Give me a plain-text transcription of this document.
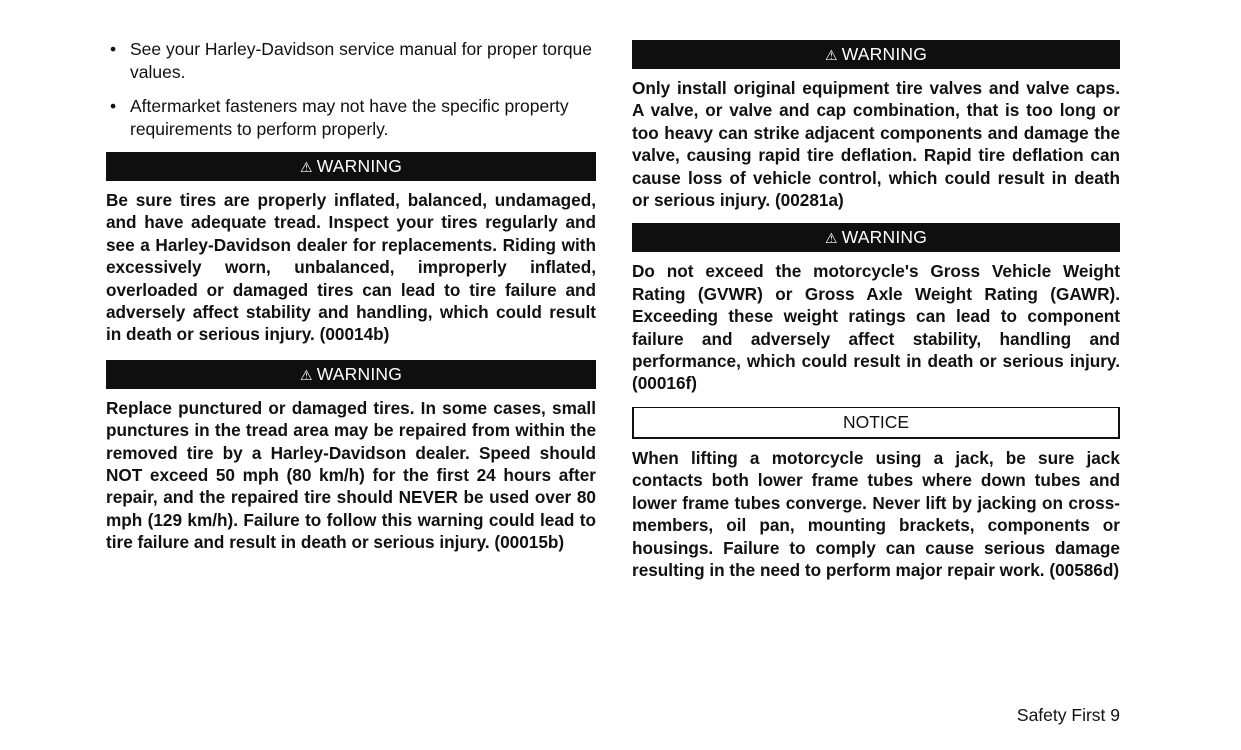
• See your Harley-Davidson service manual for proper torque values.
• Aftermarket fasteners may not have the specific property requirements to perform properly.
⚠ WARNING

Be sure tires are properly inflated, balanced, undamaged, and have adequate tread. Inspect your tires regularly and see a Harley-Davidson dealer for replacements. Riding with excessively worn, unbalanced, improperly inflated, overloaded or damaged tires can lead to tire failure and adversely affect stability and handling, which could result in death or serious injury. (00014b)

⚠ WARNING

Replace punctured or damaged tires. In some cases, small punctures in the tread area may be repaired from within the removed tire by a Harley-Davidson dealer. Speed should NOT exceed 50 mph (80 km/h) for the first 24 hours after repair, and the repaired tire should NEVER be used over 80 mph (129 km/h). Failure to follow this warning could lead to tire failure and result in death or serious injury. (00015b)

⚠ WARNING

Only install original equipment tire valves and valve caps. A valve, or valve and cap combination, that is too long or too heavy can strike adjacent components and damage the valve, causing rapid tire deflation. Rapid tire deflation can cause loss of vehicle control, which could result in death or serious injury. (00281a)

⚠ WARNING

Do not exceed the motorcycle's Gross Vehicle Weight Rating (GVWR) or Gross Axle Weight Rating (GAWR). Exceeding these weight ratings can lead to component failure and adversely affect stability, handling and performance, which could result in death or serious injury. (00016f)

NOTICE

When lifting a motorcycle using a jack, be sure jack contacts both lower frame tubes where down tubes and lower frame tubes converge. Never lift by jacking on cross-members, oil pan, mounting brackets, components or housings. Failure to comply can cause serious damage resulting in the need to perform major repair work. (00586d)

Safety First 9
